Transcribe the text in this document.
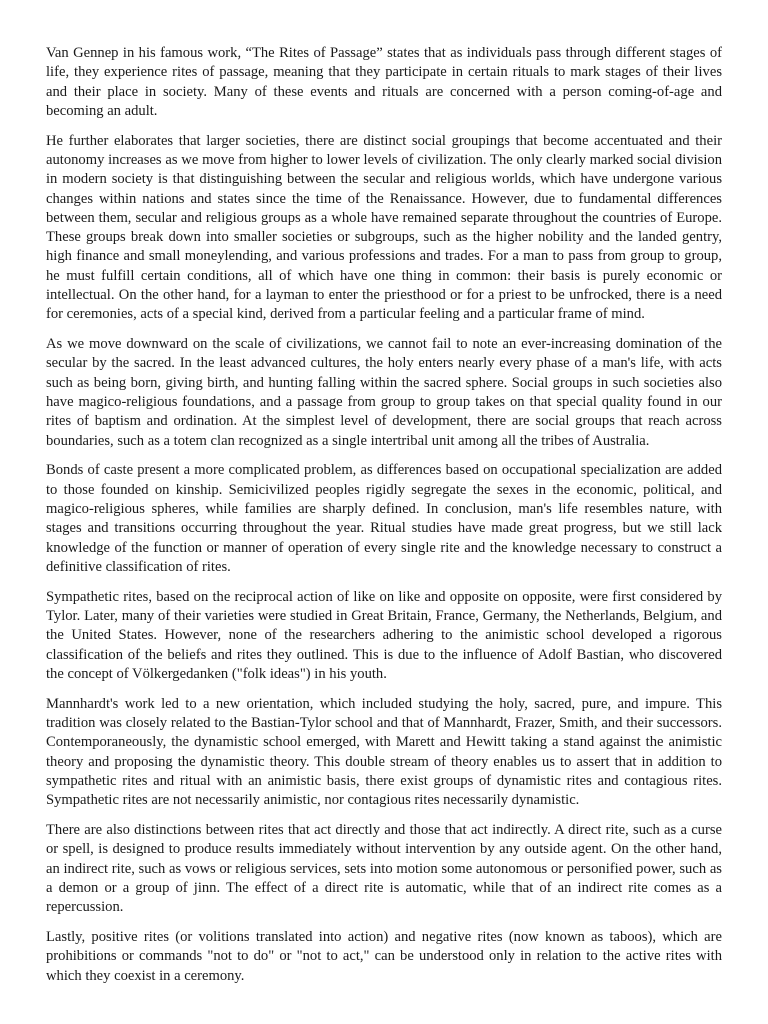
Van Gennep in his famous work, “The Rites of Passage” states that as individuals pass through different stages of life, they experience rites of passage, meaning that they participate in certain rituals to mark stages of their lives and their place in society. Many of these events and rituals are concerned with a person coming-of-age and becoming an adult.

He further elaborates that larger societies, there are distinct social groupings that become accentuated and their autonomy increases as we move from higher to lower levels of civilization. The only clearly marked social division in modern society is that distinguishing between the secular and religious worlds, which have undergone various changes within nations and states since the time of the Renaissance. However, due to fundamental differences between them, secular and religious groups as a whole have remained separate throughout the countries of Europe. These groups break down into smaller societies or subgroups, such as the higher nobility and the landed gentry, high finance and small moneylending, and various professions and trades. For a man to pass from group to group, he must fulfill certain conditions, all of which have one thing in common: their basis is purely economic or intellectual. On the other hand, for a layman to enter the priesthood or for a priest to be unfrocked, there is a need for ceremonies, acts of a special kind, derived from a particular feeling and a particular frame of mind.

As we move downward on the scale of civilizations, we cannot fail to note an ever-increasing domination of the secular by the sacred. In the least advanced cultures, the holy enters nearly every phase of a man's life, with acts such as being born, giving birth, and hunting falling within the sacred sphere. Social groups in such societies also have magico-religious foundations, and a passage from group to group takes on that special quality found in our rites of baptism and ordination. At the simplest level of development, there are social groups that reach across boundaries, such as a totem clan recognized as a single intertribal unit among all the tribes of Australia.

Bonds of caste present a more complicated problem, as differences based on occupational specialization are added to those founded on kinship. Semicivilized peoples rigidly segregate the sexes in the economic, political, and magico-religious spheres, while families are sharply defined. In conclusion, man's life resembles nature, with stages and transitions occurring throughout the year. Ritual studies have made great progress, but we still lack knowledge of the function or manner of operation of every single rite and the knowledge necessary to construct a definitive classification of rites.

Sympathetic rites, based on the reciprocal action of like on like and opposite on opposite, were first considered by Tylor. Later, many of their varieties were studied in Great Britain, France, Germany, the Netherlands, Belgium, and the United States. However, none of the researchers adhering to the animistic school developed a rigorous classification of the beliefs and rites they outlined. This is due to the influence of Adolf Bastian, who discovered the concept of Völkergedanken ("folk ideas") in his youth.

Mannhardt's work led to a new orientation, which included studying the holy, sacred, pure, and impure. This tradition was closely related to the Bastian-Tylor school and that of Mannhardt, Frazer, Smith, and their successors. Contemporaneously, the dynamistic school emerged, with Marett and Hewitt taking a stand against the animistic theory and proposing the dynamistic theory. This double stream of theory enables us to assert that in addition to sympathetic rites and ritual with an animistic basis, there exist groups of dynamistic rites and contagious rites. Sympathetic rites are not necessarily animistic, nor contagious rites necessarily dynamistic.

There are also distinctions between rites that act directly and those that act indirectly. A direct rite, such as a curse or spell, is designed to produce results immediately without intervention by any outside agent. On the other hand, an indirect rite, such as vows or religious services, sets into motion some autonomous or personified power, such as a demon or a group of jinn. The effect of a direct rite is automatic, while that of an indirect rite comes as a repercussion.

Lastly, positive rites (or volitions translated into action) and negative rites (now known as taboos), which are prohibitions or commands "not to do" or "not to act," can be understood only in relation to the active rites with which they coexist in a ceremony.
